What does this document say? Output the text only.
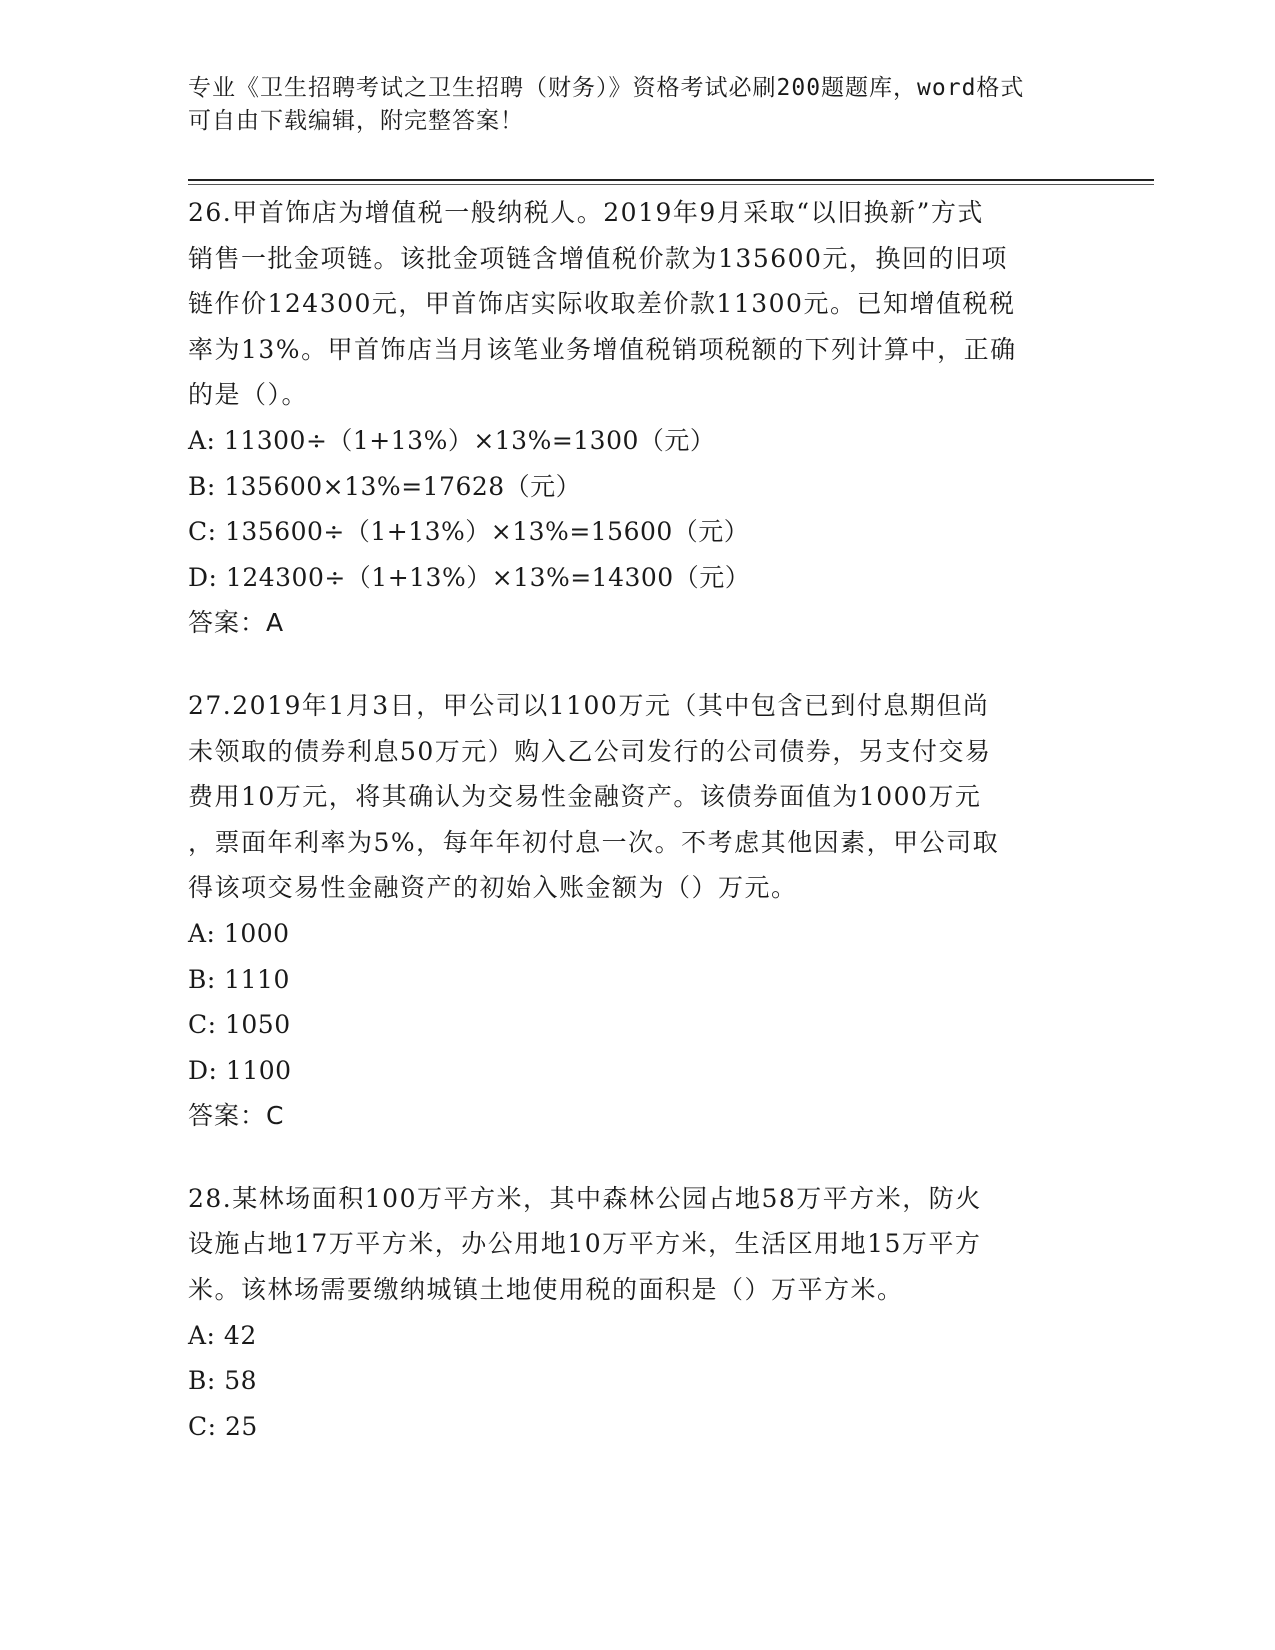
专业《卫生招聘考试之卫生招聘（财务）》资格考试必刷200题题库，word格式
可自由下载编辑，附完整答案！
26.甲首饰店为增值税一般纳税人。2019年9月采取“以旧换新”方式
销售一批金项链。该批金项链含增值税价款为135600元，换回的旧项
链作价124300元，甲首饰店实际收取差价款11300元。已知增值税税
率为13%。甲首饰店当月该笔业务增值税销项税额的下列计算中，正确
的是（）。
A: 11300÷（1+13%）×13%=1300（元）
B: 135600×13%=17628（元）
C: 135600÷（1+13%）×13%=15600（元）
D: 124300÷（1+13%）×13%=14300（元）
答案：A
27.2019年1月3日，甲公司以1100万元（其中包含已到付息期但尚
未领取的债券利息50万元）购入乙公司发行的公司债券，另支付交易
费用10万元，将其确认为交易性金融资产。该债券面值为1000万元
，票面年利率为5%，每年年初付息一次。不考虑其他因素，甲公司取
得该项交易性金融资产的初始入账金额为（）万元。
A: 1000
B: 1110
C: 1050
D: 1100
答案：C
28.某林场面积100万平方米，其中森林公园占地58万平方米，防火
设施占地17万平方米，办公用地10万平方米，生活区用地15万平方
米。该林场需要缴纳城镇土地使用税的面积是（）万平方米。
A: 42
B: 58
C: 25
